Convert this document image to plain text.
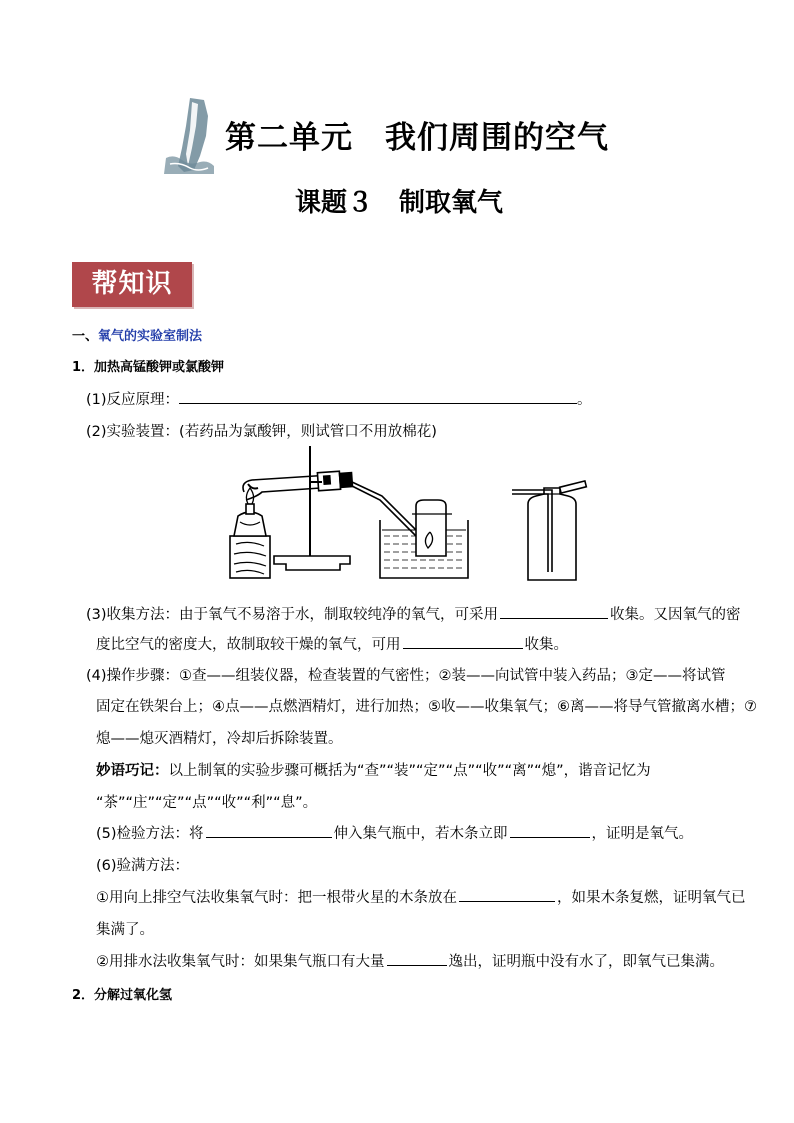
第二单元　我们周围的空气
课题３　制取氧气
帮知识
一、氧气的实验室制法
1．加热高锰酸钾或氯酸钾
(1)反应原理：	。
(2)实验装置：(若药品为氯酸钾，则试管口不用放棉花)
(3)收集方法：由于氧气不易溶于水，制取较纯净的氧气，可采用	收集。又因氧气的密
度比空气的密度大，故制取较干燥的氧气，可用	收集。
(4)操作步骤：①查——组装仪器，检查装置的气密性；②装——向试管中装入药品；③定——将试管
固定在铁架台上；④点——点燃酒精灯，进行加热；⑤收——收集氧气；⑥离——将导气管撤离水槽；⑦
熄——熄灭酒精灯，冷却后拆除装置。
妙语巧记：以上制氧的实验步骤可概括为“查”“装”“定”“点”“收”“离”“熄”，谐音记忆为
“茶”“庄”“定”“点”“收”“利”“息”。
(5)检验方法：将	伸入集气瓶中，若木条立即	，证明是氧气。
(6)验满方法：
①用向上排空气法收集氧气时：把一根带火星的木条放在	，如果木条复燃，证明氧气已
集满了。
②用排水法收集氧气时：如果集气瓶口有大量	逸出，证明瓶中没有水了，即氧气已集满。
2．分解过氧化氢
